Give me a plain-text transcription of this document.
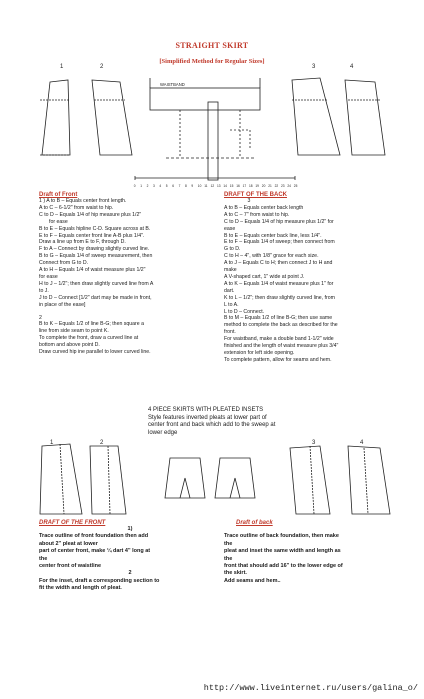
STRAIGHT SKIRT
[Simplified Method for Regular Sizes]
1	2	3	4
WAISTBAND
0 1 2 3 4 5 6 7 8 9 10 11 12 13 14 15 16 17 18 19 20 21 22 23 24 25
Draft of Front
1 ) A to B – Equals center front length.
A to C – 6-1/2" from waist to hip.
C to D – Equals 1/4 of hip measure plus 1/2"
for ease
B to E – Equals hipline C-D. Square across at B.
E to F – Equals center front line A-B plus 1/4".
Draw a line up from E to F, through D.
F to A – Connect by drawing slightly curved line.
B to G – Equals 1/4 of sweep measurement, then
Connect from G to D.
A to H – Equals 1/4 of waist measure plus 1/2"
for ease
H to J – 1/2"; then draw slightly curved line from A
to J.
J to D – Connect [1/2" dart may be made in front,
in place of the ease]
2
B to K – Equals 1/2 of line B-G; then square a
line from side seam to point K.
To complete the front, draw a curved line at
bottom and above point D.
Draw curved hip ine parallel to lower curved line.
DRAFT OF THE BACK
3
A to B – Equals center back length
A to C – 7" from waist to hip.
C to D – Equals 1/4 of hip measure plus 1/2" for
ease
B to E – Equals center back line, less 1/4".
E to F – Equals 1/4 of sweep; then connect from
G to D.
C to H – 4", with 1/8" grace for each size.
A to J – Equals C to H; then connect J to H and
make
A V-shaped cart, 1" wide at point J.
A to K – Equals 1/4 of waist measure plus 1" for
dart.
K to L – 1/2"; then draw slightly curved line, from
L to A.
L to D – Connect.
B to M – Equals 1/2 of line B-G; then use same
method to complete the back as described for the
front.
For waistband, make a double band 1-1/2" wide
finished and the length of waist measure plus 3/4"
extension for left side opening.
To complete pattern, allow for seams and hem.
4 PIECE SKIRTS WITH PLEATED INSETS
Style features inverted pleats at lower part of
center front and back which add to the sweep at
lower edge
1	2	3	4
DRAFT OF THE FRONT
1)
Trace outline of front foundation then add
about 2" pleat at lower
part of center front, make ¼ dart 4" long at
the
center front of waistline
2
For the inset, draft a corresponding section to
fit the width and length of pleat.
Draft of back
Trace outline of back foundation, then make
the
pleat and inset the same width and length as
the
front that should add 16" to the lower edge of
the skirt.
Add seams and hem..
http://www.liveinternet.ru/users/galina_o/
